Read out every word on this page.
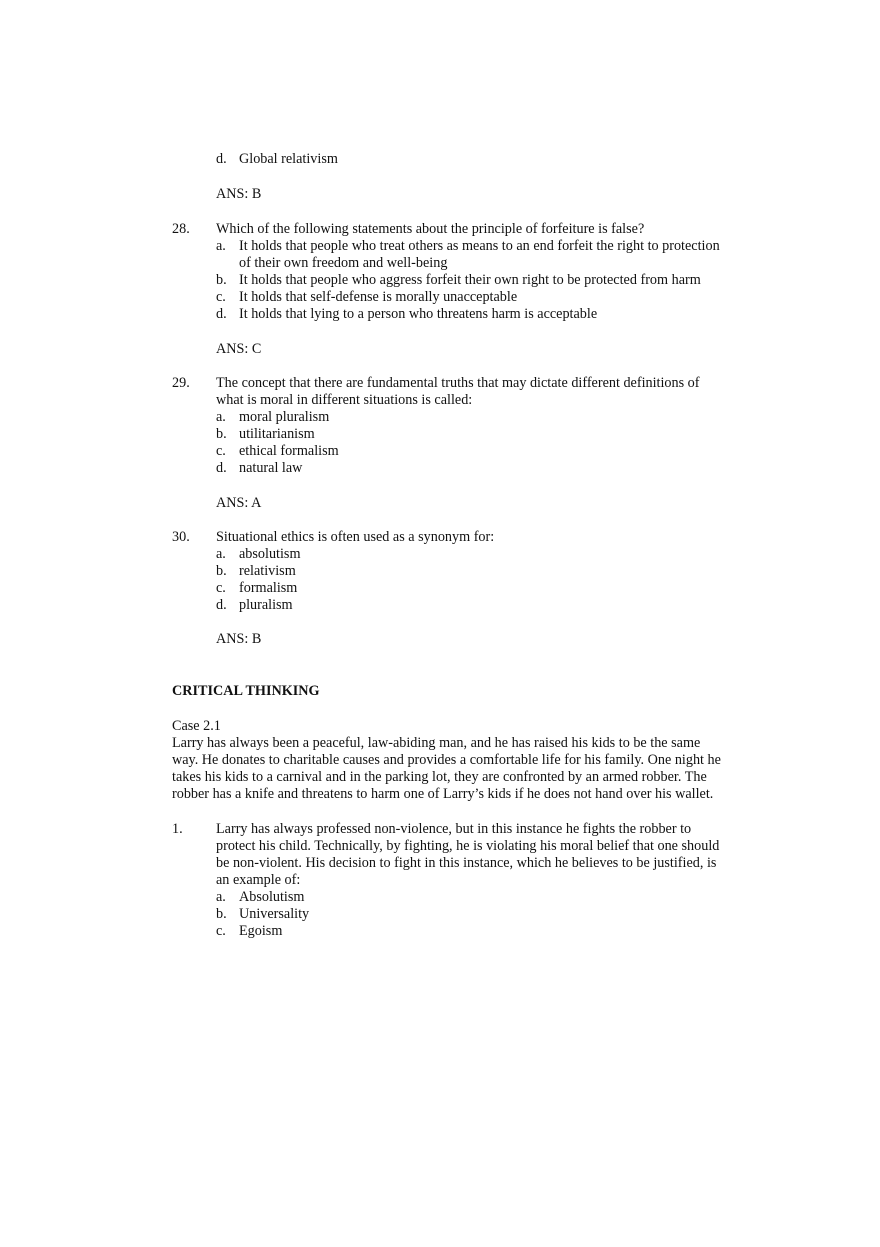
d. Global relativism
ANS: B
28. Which of the following statements about the principle of forfeiture is false?
a. It holds that people who treat others as means to an end forfeit the right to protection
of their own freedom and well-being
b. It holds that people who aggress forfeit their own right to be protected from harm
c. It holds that self-defense is morally unacceptable
d. It holds that lying to a person who threatens harm is acceptable
ANS: C
29. The concept that there are fundamental truths that may dictate different definitions of
what is moral in different situations is called:
a. moral pluralism
b. utilitarianism
c. ethical formalism
d. natural law
ANS: A
30. Situational ethics is often used as a synonym for:
a. absolutism
b. relativism
c. formalism
d. pluralism
ANS: B
CRITICAL THINKING
Case 2.1
Larry has always been a peaceful, law-abiding man, and he has raised his kids to be the same
way. He donates to charitable causes and provides a comfortable life for his family. One night he
takes his kids to a carnival and in the parking lot, they are confronted by an armed robber. The
robber has a knife and threatens to harm one of Larry’s kids if he does not hand over his wallet.
1. Larry has always professed non-violence, but in this instance he fights the robber to
protect his child. Technically, by fighting, he is violating his moral belief that one should
be non-violent. His decision to fight in this instance, which he believes to be justified, is
an example of:
a. Absolutism
b. Universality
c. Egoism
